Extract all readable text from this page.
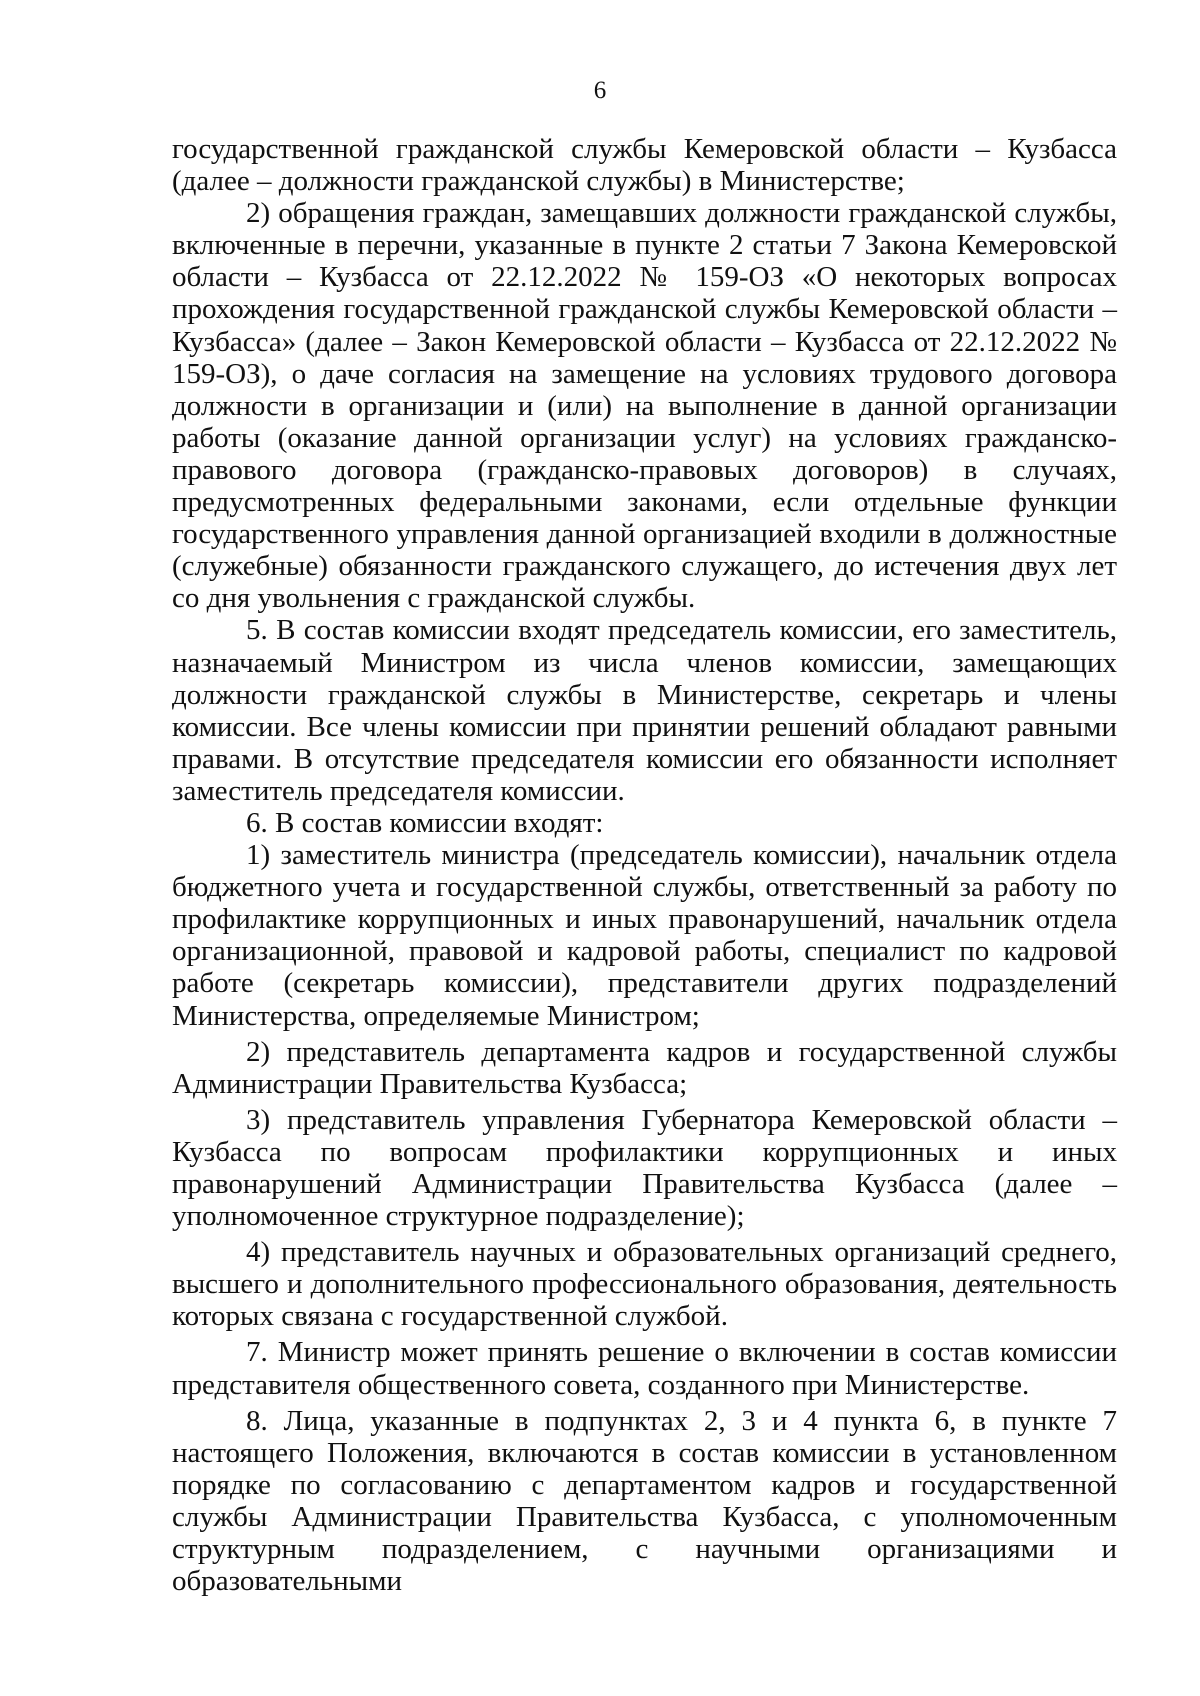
6

государственной гражданской службы Кемеровской области – Кузбасса (далее – должности гражданской службы) в Министерстве;

2) обращения граждан, замещавших должности гражданской службы, включенные в перечни, указанные в пункте 2 статьи 7 Закона Кемеровской области – Кузбасса от 22.12.2022 № 159-ОЗ «О некоторых вопросах прохождения государственной гражданской службы Кемеровской области – Кузбасса» (далее – Закон Кемеровской области – Кузбасса от 22.12.2022 № 159-ОЗ), о даче согласия на замещение на условиях трудового договора должности в организации и (или) на выполнение в данной организации работы (оказание данной организации услуг) на условиях гражданско-правового договора (гражданско-правовых договоров) в случаях, предусмотренных федеральными законами, если отдельные функции государственного управления данной организацией входили в должностные (служебные) обязанности гражданского служащего, до истечения двух лет со дня увольнения с гражданской службы.

5. В состав комиссии входят председатель комиссии, его заместитель, назначаемый Министром из числа членов комиссии, замещающих должности гражданской службы в Министерстве, секретарь и члены комиссии. Все члены комиссии при принятии решений обладают равными правами. В отсутствие председателя комиссии его обязанности исполняет заместитель председателя комиссии.

6. В состав комиссии входят:

1) заместитель министра (председатель комиссии), начальник отдела бюджетного учета и государственной службы, ответственный за работу по профилактике коррупционных и иных правонарушений, начальник отдела организационной, правовой и кадровой работы, специалист по кадровой работе (секретарь комиссии), представители других подразделений Министерства, определяемые Министром;

2) представитель департамента кадров и государственной службы Администрации Правительства Кузбасса;

3) представитель управления Губернатора Кемеровской области – Кузбасса по вопросам профилактики коррупционных и иных правонарушений Администрации Правительства Кузбасса (далее – уполномоченное структурное подразделение);

4) представитель научных и образовательных организаций среднего, высшего и дополнительного профессионального образования, деятельность которых связана с государственной службой.

7. Министр может принять решение о включении в состав комиссии представителя общественного совета, созданного при Министерстве.

8. Лица, указанные в подпунктах 2, 3 и 4 пункта 6, в пункте 7 настоящего Положения, включаются в состав комиссии в установленном порядке по согласованию с департаментом кадров и государственной службы Администрации Правительства Кузбасса, с уполномоченным структурным подразделением, с научными организациями и образовательными
